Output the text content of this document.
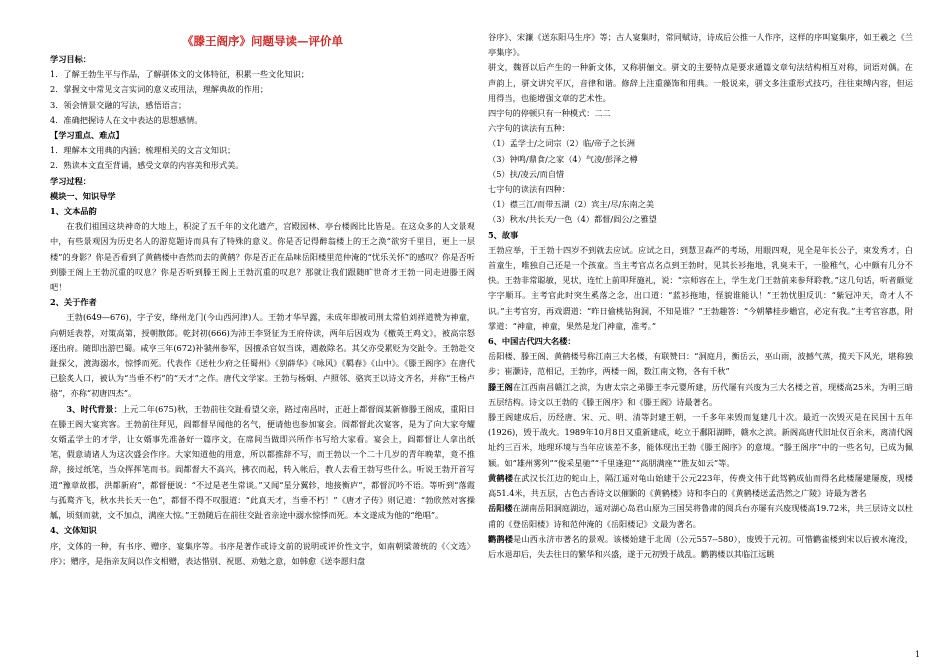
《滕王阁序》问题导读—评价单

学习目标：

1．了解王勃生平与作品，了解骈体文的文体特征，积累一些文化知识；

2．掌握文中常见文言实词的意义或用法，理解典故的作用；

3．领会情景交融的写法，感悟语言；

4．准确把握诗人在文中表达的思想感情。

【学习重点、难点】

1．理解本文用典的内涵；梳理相关的文言文知识；

2．熟读本文直至背诵，感受文章的内容美和形式美。

学习过程：

模块一、知识导学

1、文本品韵

在我们祖国这块神奇的大地上，积淀了五千年的文化遗产，宫殿园林、亭台楼阁比比皆是。在这众多的人文景观中，有些景观因为历史名人的游览题诗而具有了特殊的意义。你是否记得醉翁楼上的王之涣“欲穷千里目，更上一层楼”的身影？你是否看到了黄鹤楼中杳然而去的黄鹤？你是否正在品味岳阳楼里范仲淹的“忧乐关怀”的感叹？你是否听到滕王阁上王勃沉重的叹息？你是否听到滕王阁上王勃沉重的叹息？那就让我们跟随旷世奇才王勃一同走进滕王阁吧！

2、关于作者

王勃(649—676)，字子安，绛州龙门(今山西河津)人。王勃才华早露，未成年即被司刑太常伯刘祥道赞为神童，向朝廷表荐，对策高第，授朝散郎。乾封初(666)为沛王李贤征为王府侍读，两年后因戏为《檄英王鸡文》，被高宗怒逐出府。随即出游巴蜀。咸亨三年(672)补虢州参军，因擅杀官奴当诛，遇赦除名。其父亦受累贬为交趾令。王勃赴交趾探父，渡海溺水，惊悸而死。代表作《送杜少府之任蜀州》《别薛华》《咏风》《羁春》《山中》。《滕王阁序》在唐代已脍炙人口，被认为“当垂不朽”的“天才”之作。唐代文学家。王勃与杨炯、卢照邻、骆宾王以诗文齐名，并称“王杨卢骆”，亦称“初唐四杰”。

3、时代背景：上元二年(675)秋，王勃前往交趾看望父亲，路过南昌时，正赶上都督阎某新修滕王阁成，重阳日在滕王阁大宴宾客。王勃前往拜见，阎都督早闻他的名气，便请他也参加宴会。阎都督此次宴客，是为了向大家夸耀女婿孟学士的才学，让女婿事先准备好一篇序文，在席间当做即兴所作书写给大家看。宴会上，阎都督让人拿出纸笔，假意请诸人为这次盛会作序。大家知道他的用意，所以都推辞不写，而王勃以一个二十几岁的青年晚辈，竟不推辞，接过纸笔，当众挥挥笔而书。阎都督大不高兴，拂衣而起，转入帐后，教人去看王勃写些什么。听说王勃开首写道“豫章故郡，洪都新府”，都督便说：“不过是老生常谈。”又闻“星分翼轸，地接衡庐”，都督沉吟不语。等听到“落霞与孤鹜齐飞，秋水共长天一色”，都督不得不叹服道：“此真天才，当垂不朽！”《唐才子传》则记道：“勃欣然对客操觚，顷刻而就，文不加点，满座大惊。”王勃随后在前往交趾省亲途中溺水惊悸而死。本文遂成为他的“绝唱”。

4、文体知识

序，文体的一种，有书序、赠序、宴集序等。书序是著作或诗文前的说明或评价性文字，如南朝梁萧统的《〈文选〉序》；赠序，是指亲友间以作文相赠，表达惜别、祝愿、劝勉之意，如韩愈《送李愿归盘

谷序》、宋濂《送东阳马生序》等；古人宴集时，常同赋诗，诗成后公推一人作序，这样的序叫宴集序，如王羲之《兰亭集序》。

骈文，魏晋以后产生的一种新文体，又称骈俪文。骈文的主要特点是要求通篇文章句法结构相互对称，词语对偶。在声韵上，骈文讲究平仄，音律和谐。修辞上注重藻饰和用典。一般说来，骈文多注重形式技巧，往往束缚内容，但运用得当，也能增强文章的艺术性。

四字句的停顿只有一种模式：二二

六字句的读法有五种：

（1）孟学士/之词宗（2）临/帝子之长洲

（3）钟鸣/鼎食/之家（4）气凌/彭泽之樽

（5）扶/凌云/而自惜

七字句的读法有四种：

（1）襟三江/而带五湖（2）宾主/尽/东南之美

（3）秋水/共长天/一色（4）都督/阎公/之雅望

5、故事

王勃应举，于王勃十四岁不到就去应试。应试之日，到慧卫森严的考场，用眼四观，见全是年长公子，束发秀才，白首童生，唯独自己还是一个孩童。当主考官点名点到王勃时，见其长衫拖地，乳臭未干，一脸稚气，心中颇有几分不快。王勃非常聪敏，见状，连忙上前叩拜施礼，说：“宗师容在上，学生龙门王勃前来参拜聆教。”这几句话，听者颇觉字字顺耳。主考官此时突生奚落之念，出口道：“蓝衫拖地，怪貌谁能认！”王勃忧胆反讥：“紫冠冲天，奇才人不识。”主考官穷，再戏谓道：“昨日偷桃钻狗洞，不知是谁？”王勃趣答：“今朝攀桂步蟾宫，必定有我。”主考官容惠，附掌道：“神童，神童，果然是龙门神童，准考。”

6、中国古代四大名楼：

岳阳楼、滕王阁、黄鹤楼号称江南三大名楼，有联赞曰：“洞庭月，衡岳云，巫山雨，波撼气蒸，揽天下风光，堪称独步；崔灏诗，范相记，王勃序，两楼一阁，数江南文物，各有千秋”

滕王阁在江西南昌赣江之滨，为唐太宗之弟滕王李元婴所建，历代屡有兴废为三大名楼之首，现楼高25米，为明三暗五层结构。诗文以王勃的《滕王阁序》和《滕王阁》诗最著名。

滕王阁建成后，历经唐、宋、元、明、清等封建王朝，一千多年来毁而复建几十次。最近一次毁灭是在民国十五年(1926)，毁于战火。1989年10月8日又重新建成，屹立于鄱阳湖畔，赣水之滨。新阁高唐代旧址仅百余米，离清代阁址约三百米，地理环境与当年应该差不多，能体现出王勃《滕王阁序》的意境。“滕王阁序”中的一些名句，已成为佩颖。如“雄州雾列”“俊采星驰”“千里逢迎”“高朋满座”“胜友如云”等。

黄鹤楼在武汉长江边的蛇山上，隔江遥对龟山始建于公元223年，传费文伟于此驾鹤成仙而得名此楼屡建屡废，现楼高51.4米，共五层，古色古香诗文以催颢的《黄鹤楼》诗和李白的《黄鹤楼送孟浩然之广陵》诗最为著名

岳阳楼在湖南岳阳洞庭湖边，遥对湖心岛君山原为三国吴将鲁肃的阅兵台亦屡有兴废现楼高19.72米，共三层诗文以杜甫的《登岳阳楼》诗和范仲淹的《岳阳楼记》文最为著名。

鹳鹊楼是山西永济市著名的景观。该楼始建于北周（公元557--580），废毁于元初。可惜鹳雀楼到宋以后被水淹没，后水退却后，失去往日的繁华和兴盛，遂于元初毁于战乱。鹳鹊楼以其临江远眺

1
